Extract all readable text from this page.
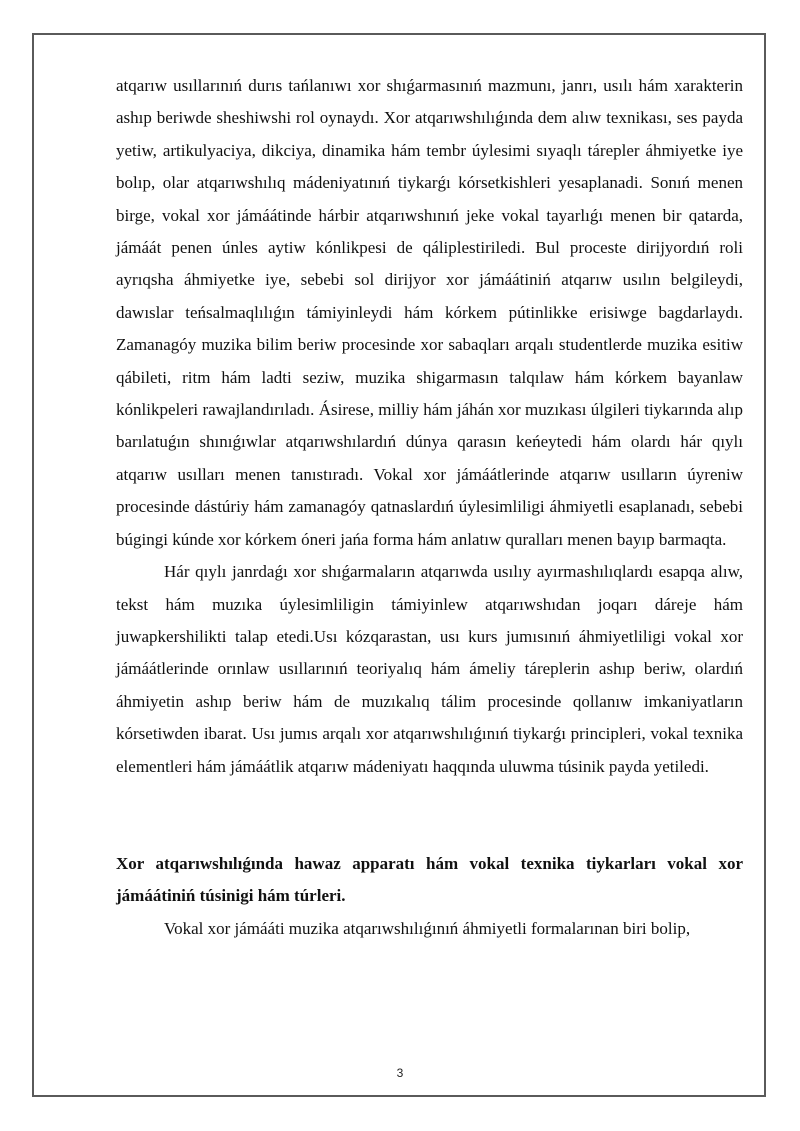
atqarıw usıllarınıń durıs tańlanıwı xor shıǵarmasınıń mazmunı, janrı, usılı hám xarakterin ashıp beriwde sheshiwshi rol oynaydı. Xor atqarıwshılıǵında dem alıw texnikası, ses payda yetiw, artikulyaciya, dikciya, dinamika hám tembr úylesimi sıyaqlı tárepler áhmiyetke iye bolıp, olar atqarıwshılıq mádeniyatınıń tiykarǵı kórsetkishleri yesaplanadi. Sonıń menen birge, vokal xor jámáátinde hárbir atqarıwshınıń jeke vokal tayarlıǵı menen bir qatarda, jámáát penen únles aytiw kónlikpesi de qáliplestiriledi. Bul proceste dirijyordıń roli ayrıqsha áhmiyetke iye, sebebi sol dirijyor xor jámáátiniń atqarıw usılın belgileydi, dawıslar teńsalmaqlılıǵın támiyinleydi hám kórkem pútinlikke erisiwge bagdarlaydı. Zamanagóy muzika bilim beriw procesinde xor sabaqları arqalı studentlerde muzika esitiw qábileti, ritm hám ladti seziw, muzika shigarmasın talqılaw hám kórkem bayanlaw kónlikpeleri rawajlandırıladı. Ásirese, milliy hám jáhán xor muzıkası úlgileri tiykarında alıp barılatuǵın shınıǵıwlar atqarıwshılardıń dúnya qarasın keńeytedi hám olardı hár qıylı atqarıw usılları menen tanıstıradı. Vokal xor jámáátlerinde atqarıw usılların úyreniw procesinde dástúriy hám zamanagóy qatnaslardıń úylesimliligi áhmiyetli esaplanadı, sebebi búgingi kúnde xor kórkem óneri jańa forma hám anlatıw quralları menen bayıp barmaqta.

Hár qıylı janrdaǵı xor shıǵarmaların atqarıwda usılıy ayırmashılıqlardı esapqa alıw, tekst hám muzıka úylesimliligin támiyinlew atqarıwshıdan joqarı dáreje hám juwapkershilikti talap etedi.Usı kózqarastan, usı kurs jumısınıń áhmiyetliligi vokal xor jámáátlerinde orınlaw usıllarınıń teoriyalıq hám ámeliy táreplerin ashıp beriw, olardıń áhmiyetin ashıp beriw hám de muzıkalıq tálim procesinde qollanıw imkaniyatların kórsetiwden ibarat. Usı jumıs arqalı xor atqarıwshılıǵınıń tiykarǵı principleri, vokal texnika elementleri hám jámáátlik atqarıw mádeniyatı haqqında uluwma túsinik payda yetiledi.

Xor atqarıwshılıǵında hawaz apparatı hám vokal texnika tiykarları vokal xor jámáátiniń túsinigi hám túrleri.

Vokal xor jámááti muzika atqarıwshılıǵınıń áhmiyetli formalarınan biri bolip,

3
